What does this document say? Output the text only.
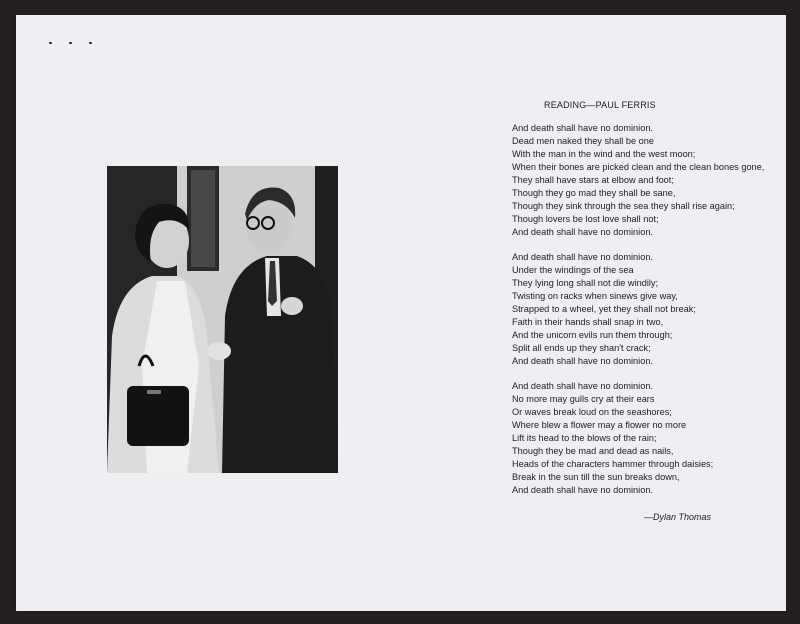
READING—PAUL FERRIS
And death shall have no dominion.
Dead men naked they shall be one
With the man in the wind and the west moon;
When their bones are picked clean and the clean bones gone,
They shall have stars at elbow and foot;
Though they go mad they shall be sane,
Though they sink through the sea they shall rise again;
Though lovers be lost love shall not;
And death shall have no dominion.
And death shall have no dominion.
Under the windings of the sea
They lying long shall not die windily;
Twisting on racks when sinews give way,
Strapped to a wheel, yet they shall not break;
Faith in their hands shall snap in two,
And the unicorn evils run them through;
Split all ends up they shan't crack;
And death shall have no dominion.
And death shall have no dominion.
No more may gulls cry at their ears
Or waves break loud on the seashores;
Where blew a flower may a flower no more
Lift its head to the blows of the rain;
Though they be mad and dead as nails,
Heads of the characters hammer through daisies;
Break in the sun till the sun breaks down,
And death shall have no dominion.
—Dylan Thomas
